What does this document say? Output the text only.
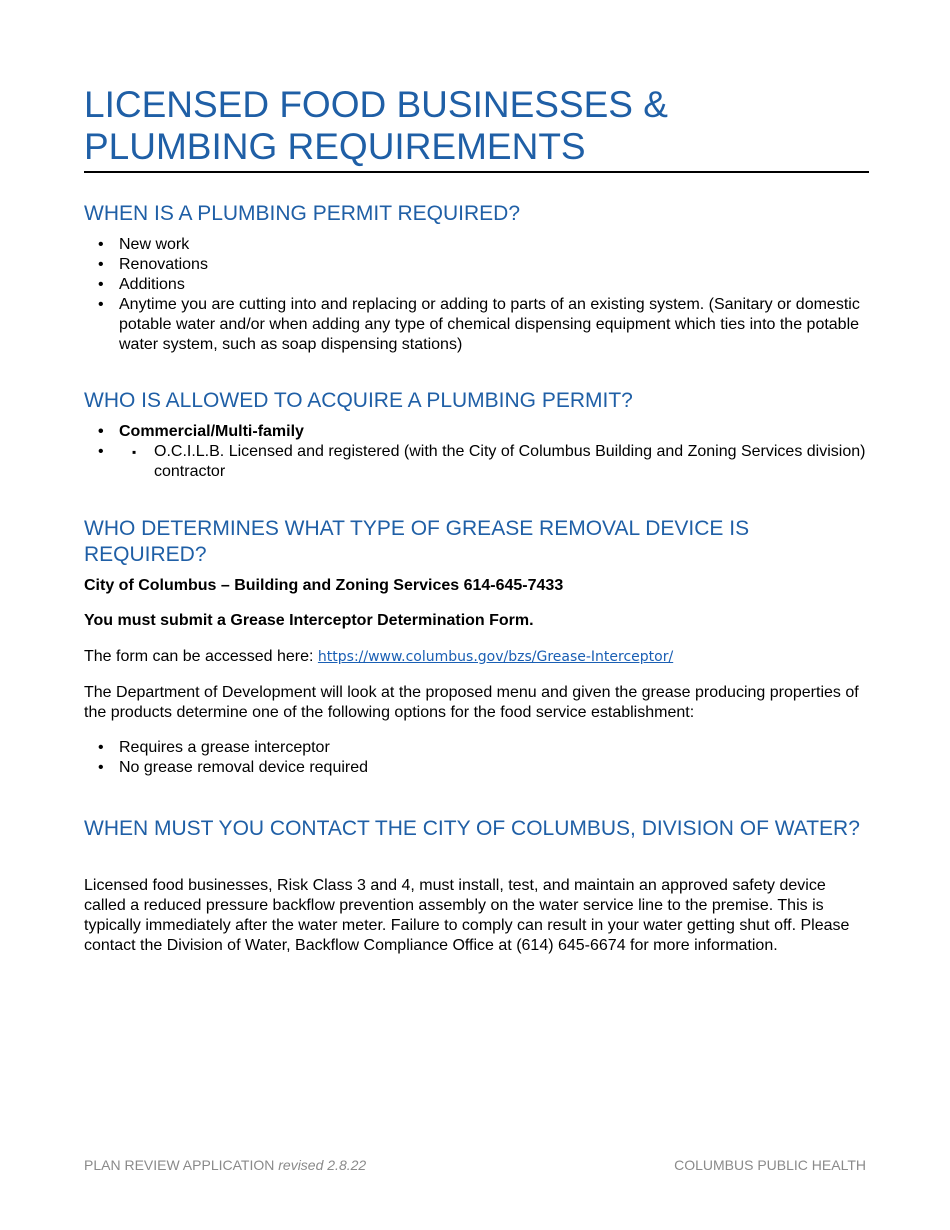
LICENSED FOOD BUSINESSES &
PLUMBING REQUIREMENTS
WHEN IS A PLUMBING PERMIT REQUIRED?
• New work
• Renovations
• Additions
• Anytime you are cutting into and replacing or adding to parts of an existing system. (Sanitary or domestic potable water and/or when adding any type of chemical dispensing equipment which ties into the potable water system, such as soap dispensing stations)
WHO IS ALLOWED TO ACQUIRE A PLUMBING PERMIT?
• Commercial/Multi-family
▪ • O.C.I.L.B. Licensed and registered (with the City of Columbus Building and Zoning Services division) contractor
WHO DETERMINES WHAT TYPE OF GREASE REMOVAL DEVICE IS REQUIRED?

City of Columbus – Building and Zoning Services 614-645-7433

You must submit a Grease Interceptor Determination Form.

The form can be accessed here: https://www.columbus.gov/bzs/Grease-Interceptor/

The Department of Development will look at the proposed menu and given the grease producing properties of the products determine one of the following options for the food service establishment:

• Requires a grease interceptor
• No grease removal device required
WHEN MUST YOU CONTACT THE CITY OF COLUMBUS, DIVISION OF WATER?

Licensed food businesses, Risk Class 3 and 4, must install, test, and maintain an approved safety device called a reduced pressure backflow prevention assembly on the water service line to the premise. This is typically immediately after the water meter. Failure to comply can result in your water getting shut off. Please contact the Division of Water, Backflow Compliance Office at (614) 645-6674 for more information.

PLAN REVIEW APPLICATION revised 2.8.22	COLUMBUS PUBLIC HEALTH
